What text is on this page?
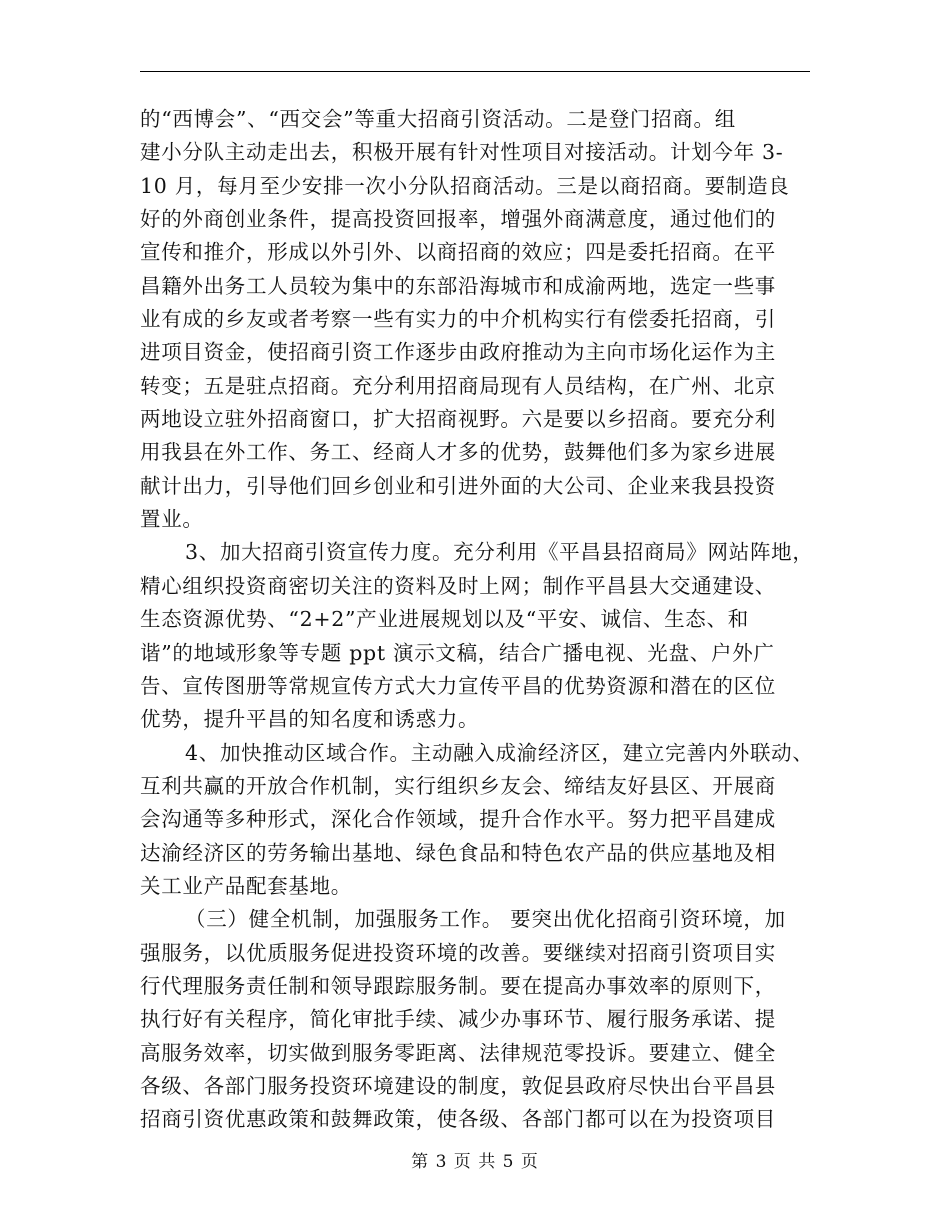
的“西博会”、“西交会”等重大招商引资活动。二是登门招商。组
建小分队主动走出去，积极开展有针对性项目对接活动。计划今年 3-
10 月，每月至少安排一次小分队招商活动。三是以商招商。要制造良
好的外商创业条件，提高投资回报率，增强外商满意度，通过他们的
宣传和推介，形成以外引外、以商招商的效应；四是委托招商。在平
昌籍外出务工人员较为集中的东部沿海城市和成渝两地，选定一些事
业有成的乡友或者考察一些有实力的中介机构实行有偿委托招商，引
进项目资金，使招商引资工作逐步由政府推动为主向市场化运作为主
转变；五是驻点招商。充分利用招商局现有人员结构，在广州、北京
两地设立驻外招商窗口，扩大招商视野。六是要以乡招商。要充分利
用我县在外工作、务工、经商人才多的优势，鼓舞他们多为家乡进展
献计出力，引导他们回乡创业和引进外面的大公司、企业来我县投资
置业。
3、加大招商引资宣传力度。充分利用《平昌县招商局》网站阵地，
精心组织投资商密切关注的资料及时上网；制作平昌县大交通建设、
生态资源优势、“2+2”产业进展规划以及“平安、诚信、生态、和
谐”的地域形象等专题 ppt 演示文稿，结合广播电视、光盘、户外广
告、宣传图册等常规宣传方式大力宣传平昌的优势资源和潜在的区位
优势，提升平昌的知名度和诱惑力。
4、加快推动区域合作。主动融入成渝经济区，建立完善内外联动、
互利共赢的开放合作机制，实行组织乡友会、缔结友好县区、开展商
会沟通等多种形式，深化合作领域，提升合作水平。努力把平昌建成
达渝经济区的劳务输出基地、绿色食品和特色农产品的供应基地及相
关工业产品配套基地。
（三）健全机制，加强服务工作。 要突出优化招商引资环境，加
强服务，以优质服务促进投资环境的改善。要继续对招商引资项目实
行代理服务责任制和领导跟踪服务制。要在提高办事效率的原则下，
执行好有关程序，简化审批手续、减少办事环节、履行服务承诺、提
高服务效率，切实做到服务零距离、法律规范零投诉。要建立、健全
各级、各部门服务投资环境建设的制度，敦促县政府尽快出台平昌县
招商引资优惠政策和鼓舞政策，使各级、各部门都可以在为投资项目
第 3 页 共 5 页
